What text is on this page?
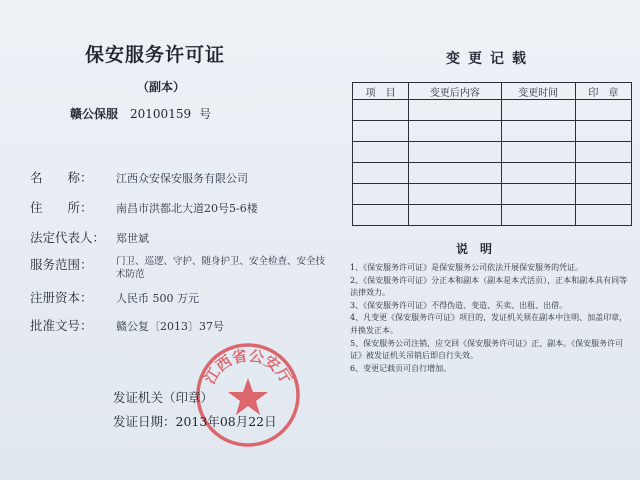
保安服务许可证
（副本）
赣公保服 20100159 号
名　　称： 江西众安保安服务有限公司
住　　所： 南昌市洪都北大道20号5-6楼
法定代表人： 郑世斌
服务范围： 门卫、巡逻、守护、随身护卫、安全检查、安全技术防范
注册资本： 人民币 500 万元
批准文号： 赣公复〔2013〕37号
江西省公安厅
发证机关（印章）
发证日期：2013年08月22日
变更记载
项　目	变更后内容	变更时间	印　章

说明

1、《保安服务许可证》是保安服务公司依法开展保安服务的凭证。

2、《保安服务许可证》分正本和副本（副本是本式活页），正本和副本具有同等法律效力。

3、《保安服务许可证》不得伪造、变造、买卖、出租、出借。

4、凡变更《保安服务许可证》项目的，发证机关须在副本中注明、加盖印章，并换发正本。

5、保安服务公司注销，应交回《保安服务许可证》正、副本。《保安服务许可证》被发证机关吊销后即自行失效。

6、变更记载页可自行增加。
